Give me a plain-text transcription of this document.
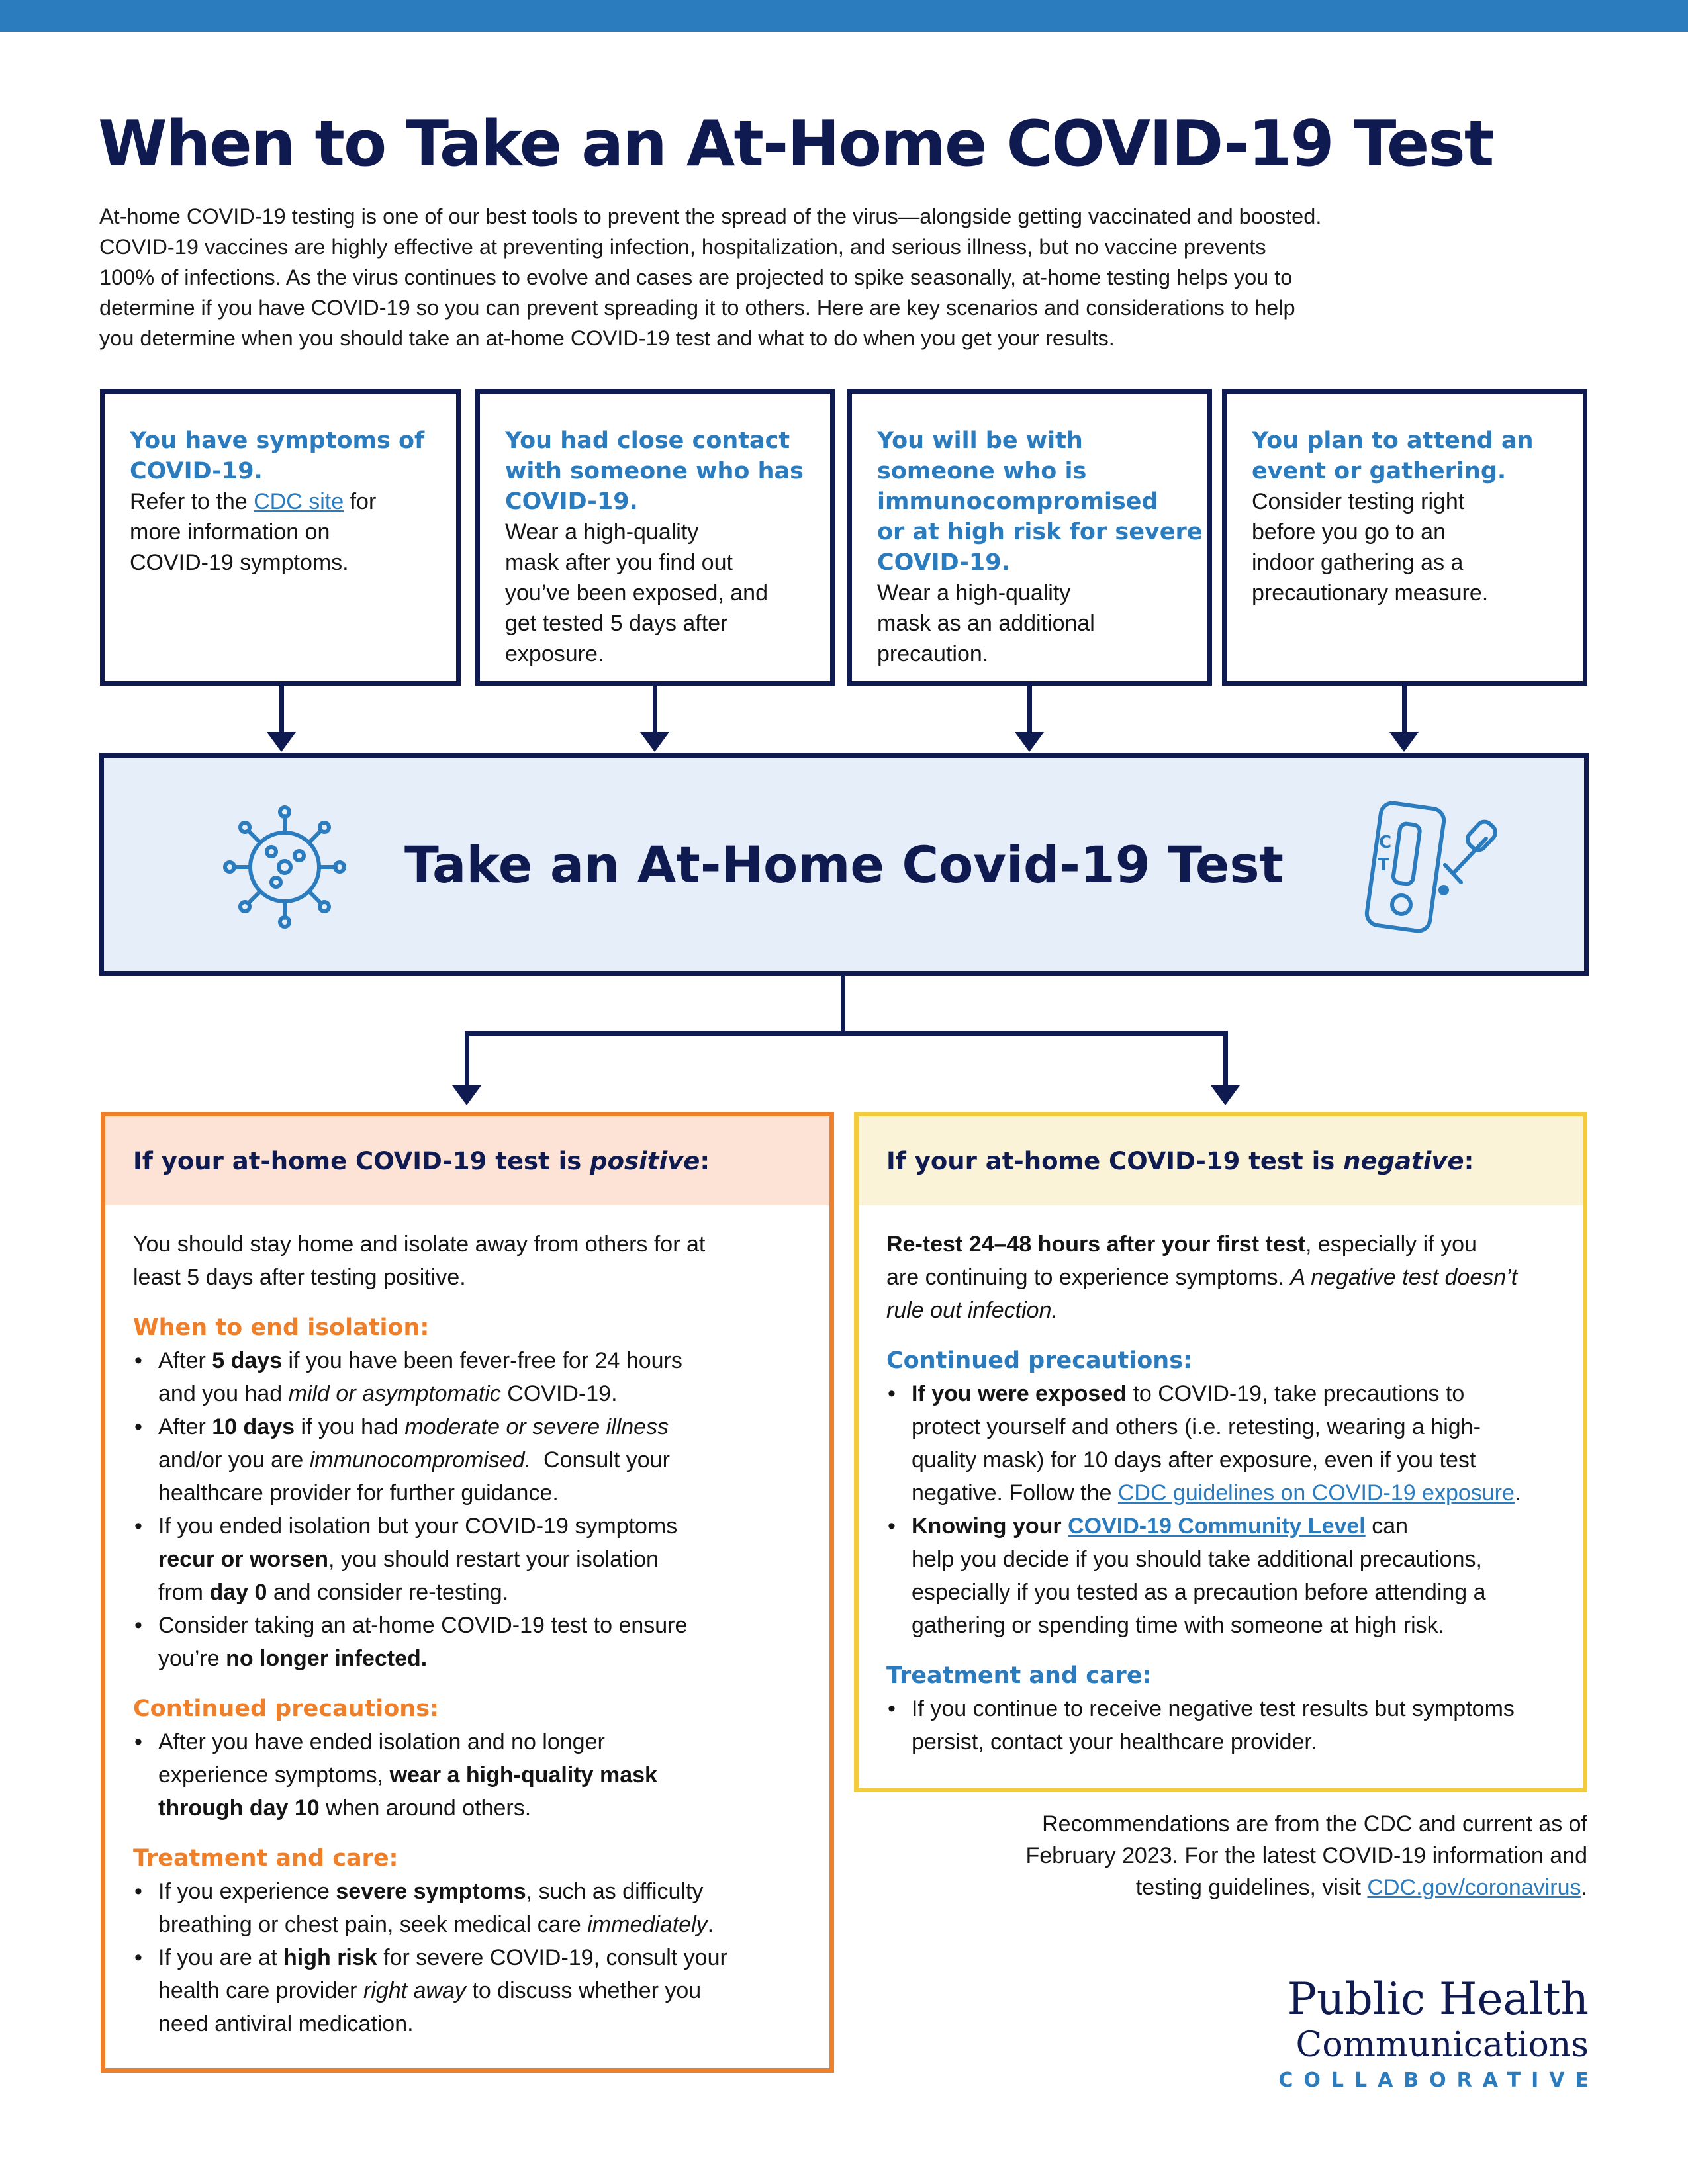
When to Take an At-Home COVID-19 Test

At-home COVID-19 testing is one of our best tools to prevent the spread of the virus—alongside getting vaccinated and boosted.

COVID-19 vaccines are highly effective at preventing infection, hospitalization, and serious illness, but no vaccine prevents

100% of infections. As the virus continues to evolve and cases are projected to spike seasonally, at-home testing helps you to

determine if you have COVID-19 so you can prevent spreading it to others. Here are key scenarios and considerations to help

you determine when you should take an at-home COVID-19 test and what to do when you get your results.

You have symptoms of
COVID-19.
Refer to the CDC site for
more information on
COVID-19 symptoms.
You had close contact
with someone who has
COVID-19.
Wear a high-quality
mask after you find out
you’ve been exposed, and
get tested 5 days after
exposure.
You will be with
someone who is
immunocompromised
or at high risk for severe
COVID-19.
Wear a high-quality
mask as an additional
precaution.
You plan to attend an
event or gathering.
Consider testing right
before you go to an
indoor gathering as a
precautionary measure.
Take an At-Home Covid-19 Test	C
T
If your at-home COVID-19 test is positive:

You should stay home and isolate away from others for at

least 5 days after testing positive.

When to end isolation:
• After 5 days if you have been fever-free for 24 hours
and you had mild or asymptomatic COVID-19.
• After 10 days if you had moderate or severe illness
and/or you are immunocompromised.  Consult your
healthcare provider for further guidance.
• If you ended isolation but your COVID-19 symptoms
recur or worsen, you should restart your isolation
from day 0 and consider re-testing.
• Consider taking an at-home COVID-19 test to ensure
you’re no longer infected.
Continued precautions:
• After you have ended isolation and no longer
experience symptoms, wear a high-quality mask
through day 10 when around others.
Treatment and care:
• If you experience severe symptoms, such as difficulty
breathing or chest pain, seek medical care immediately.
• If you are at high risk for severe COVID-19, consult your
health care provider right away to discuss whether you
need antiviral medication.
If your at-home COVID-19 test is negative:
Re-test 24–48 hours after your first test, especially if you
are continuing to experience symptoms. A negative test doesn’t
rule out infection.
Continued precautions:
• If you were exposed to COVID-19, take precautions to
protect yourself and others (i.e. retesting, wearing a high-
quality mask) for 10 days after exposure, even if you test
negative. Follow the CDC guidelines on COVID-19 exposure.
• Knowing your COVID-19 Community Level can
help you decide if you should take additional precautions,
especially if you tested as a precaution before attending a
gathering or spending time with someone at high risk.
Treatment and care:
• If you continue to receive negative test results but symptoms
persist, contact your healthcare provider.
Recommendations are from the CDC and current as of
February 2023. For the latest COVID-19 information and
testing guidelines, visit CDC.gov/coronavirus.
Public Health
Communications
COLLABORATIVE
